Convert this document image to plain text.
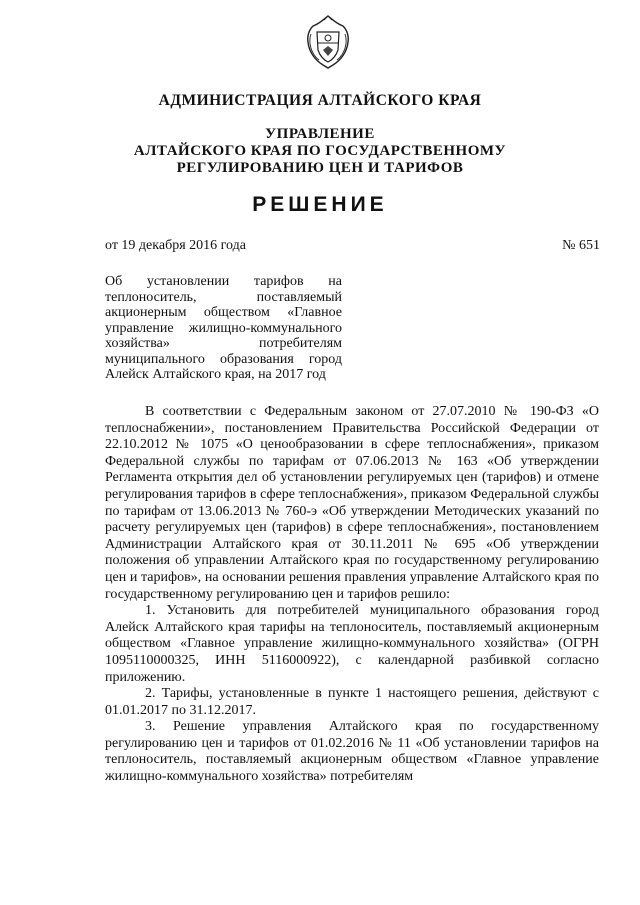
АДМИНИСТРАЦИЯ АЛТАЙСКОГО КРАЯ
УПРАВЛЕНИЕ
АЛТАЙСКОГО КРАЯ ПО ГОСУДАРСТВЕННОМУ
РЕГУЛИРОВАНИЮ ЦЕН И ТАРИФОВ
РЕШЕНИЕ
от 19 декабря 2016 года	№ 651
Об установлении тарифов на теплоноситель, поставляемый акционерным обществом «Главное управление жилищно-коммунального хозяйства» потребителям муниципального образования город Алейск Алтайского края, на 2017 год

В соответствии с Федеральным законом от 27.07.2010 № 190-ФЗ «О теплоснабжении», постановлением Правительства Российской Федерации от 22.10.2012 № 1075 «О ценообразовании в сфере теплоснабжения», приказом Федеральной службы по тарифам от 07.06.2013 № 163 «Об утверждении Регламента открытия дел об установлении регулируемых цен (тарифов) и отмене регулирования тарифов в сфере теплоснабжения», приказом Федеральной службы по тарифам от 13.06.2013 № 760-э «Об утверждении Методических указаний по расчету регулируемых цен (тарифов) в сфере теплоснабжения», постановлением Администрации Алтайского края от 30.11.2011 № 695 «Об утверждении положения об управлении Алтайского края по государственному регулированию цен и тарифов», на основании решения правления управление Алтайского края по государственному регулированию цен и тарифов решило:

1. Установить для потребителей муниципального образования город Алейск Алтайского края тарифы на теплоноситель, поставляемый акционерным обществом «Главное управление жилищно-коммунального хозяйства» (ОГРН 1095110000325, ИНН 5116000922), с календарной разбивкой согласно приложению.

2. Тарифы, установленные в пункте 1 настоящего решения, действуют с 01.01.2017 по 31.12.2017.

3. Решение управления Алтайского края по государственному регулированию цен и тарифов от 01.02.2016 № 11 «Об установлении тарифов на теплоноситель, поставляемый акционерным обществом «Главное управление жилищно-коммунального хозяйства» потребителям
